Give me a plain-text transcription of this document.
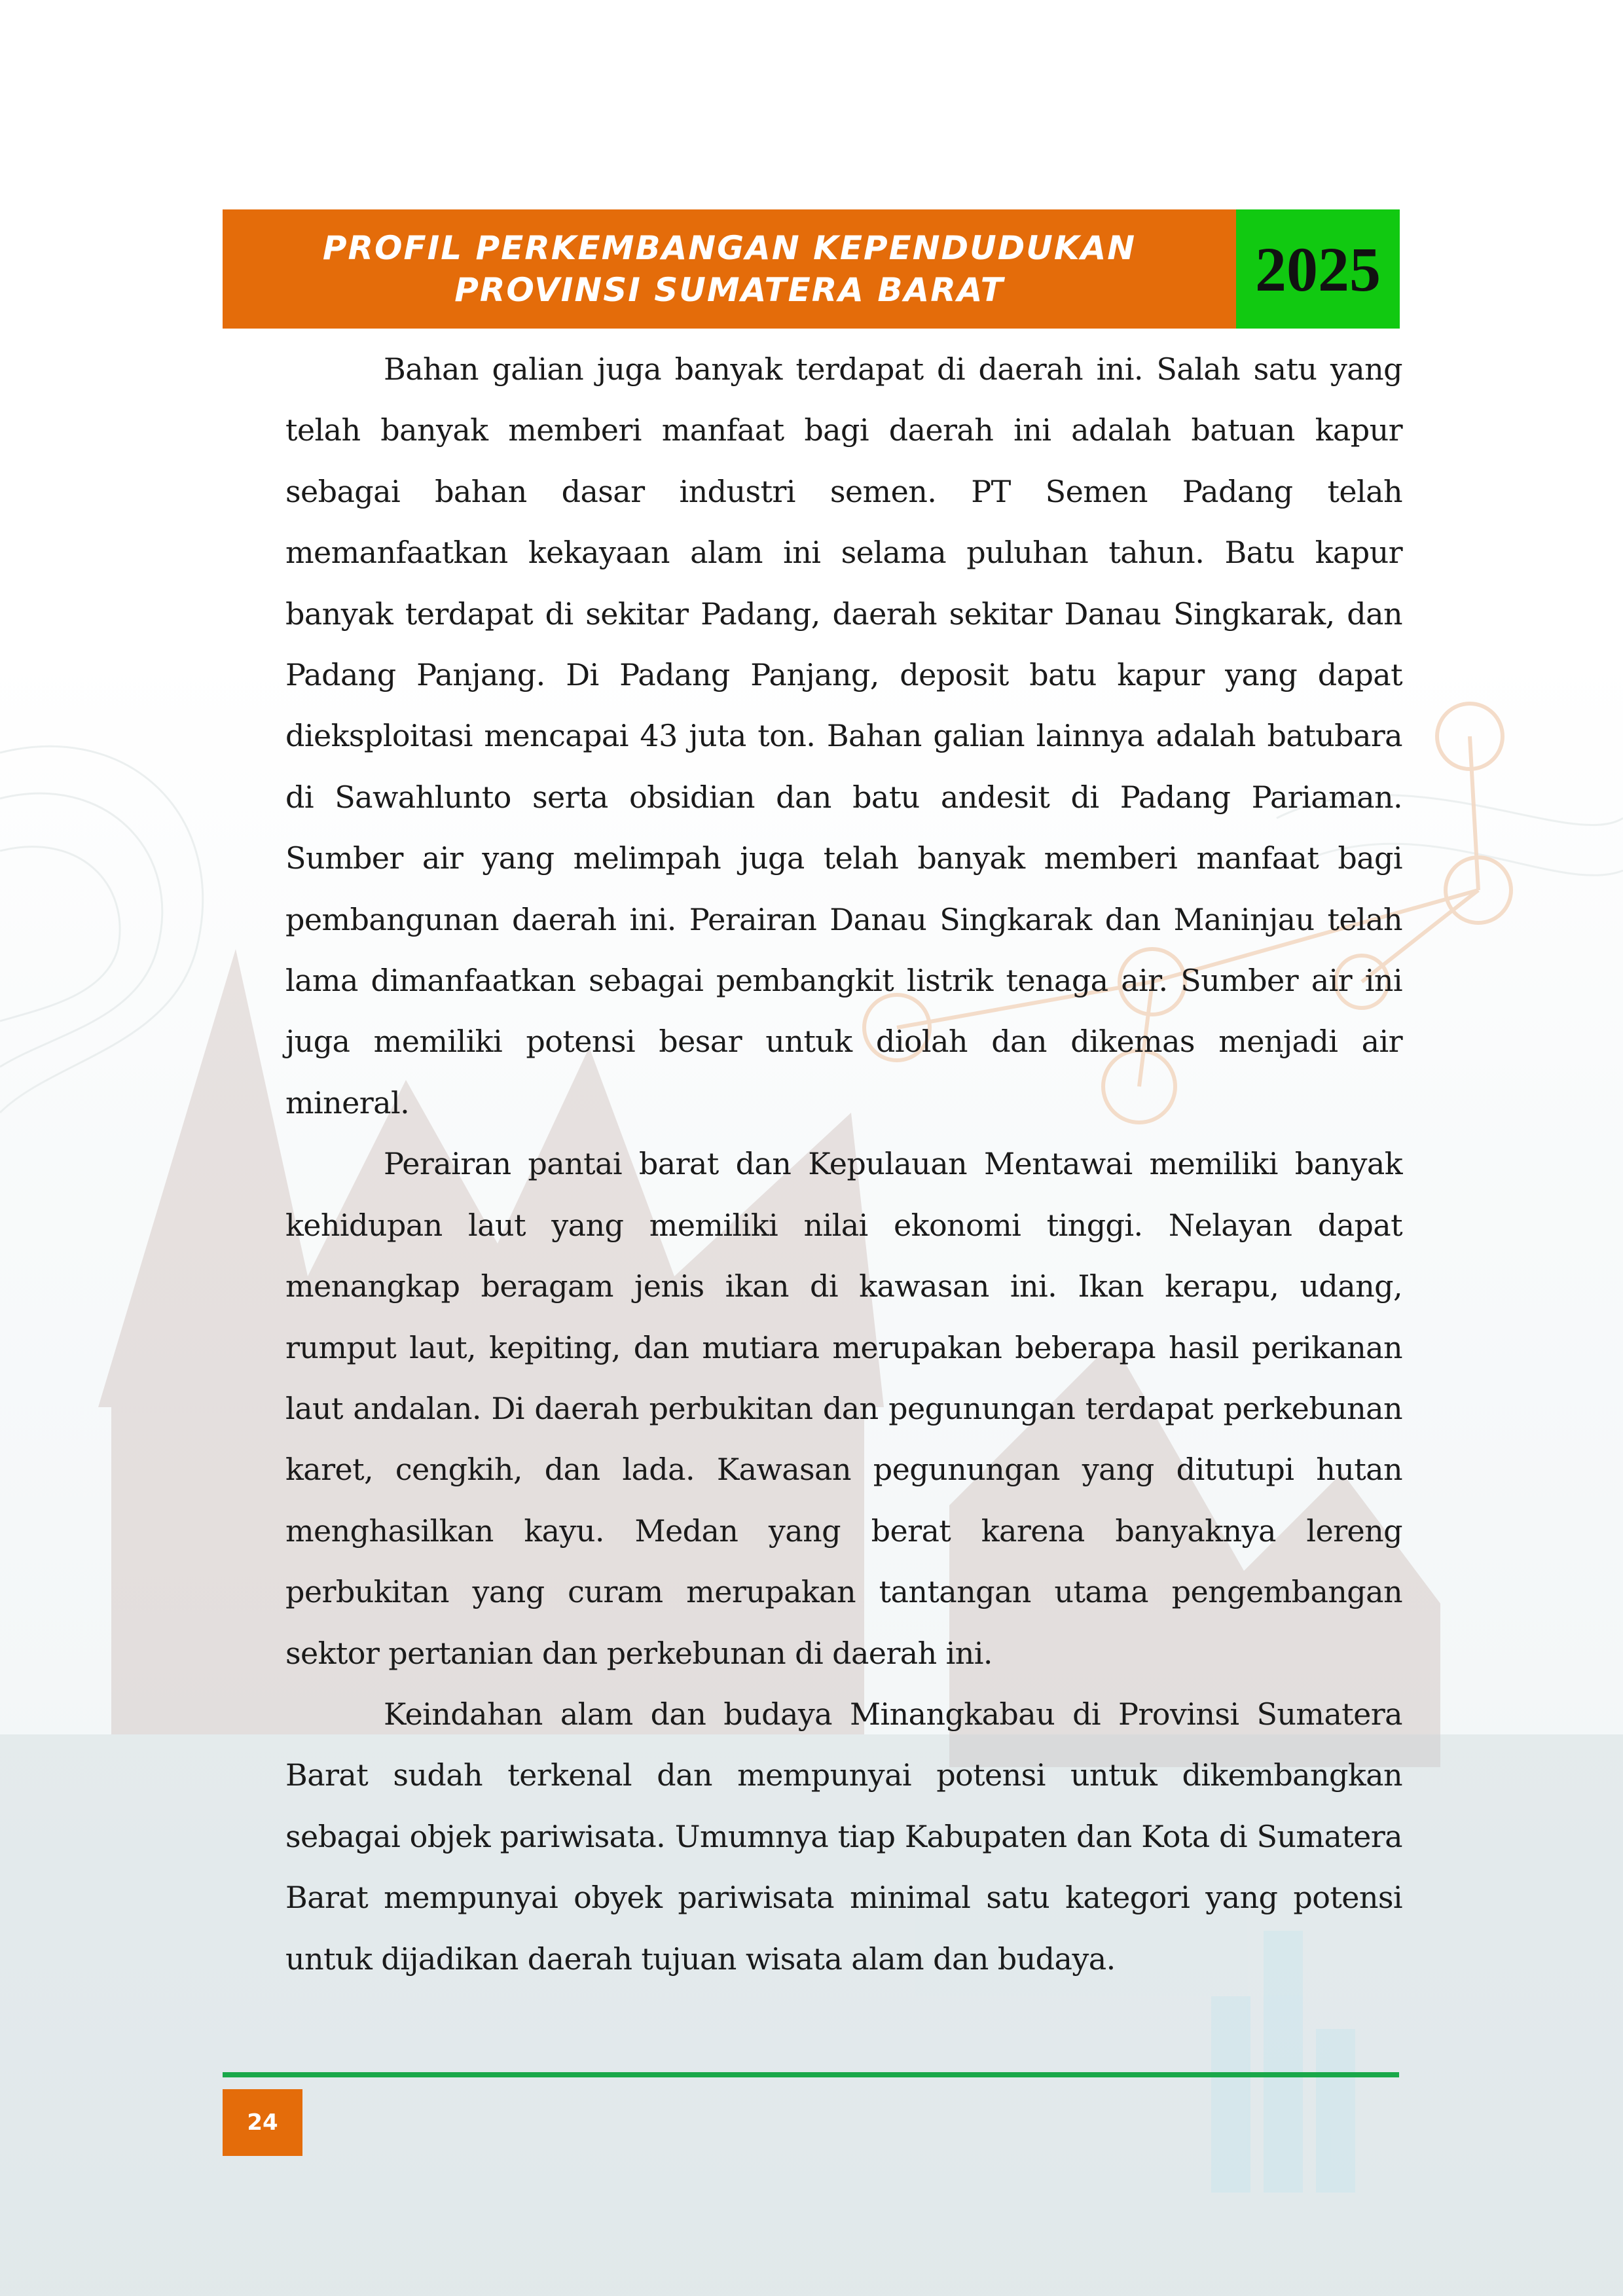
PROFIL PERKEMBANGAN KEPENDUDUKAN
PROVINSI SUMATERA BARAT	2025

Bahan galian juga banyak terdapat di daerah ini. Salah satu yang telah banyak memberi manfaat bagi daerah ini adalah batuan kapur sebagai bahan dasar industri semen. PT Semen Padang telah memanfaatkan kekayaan alam ini selama puluhan tahun. Batu kapur banyak terdapat di sekitar Padang, daerah sekitar Danau Singkarak, dan Padang Panjang. Di Padang Panjang, deposit batu kapur yang dapat dieksploitasi mencapai 43 juta ton. Bahan galian lainnya adalah batubara di Sawahlunto serta obsidian dan batu andesit di Padang Pariaman. Sumber air yang melimpah juga telah banyak memberi manfaat bagi pembangunan daerah ini. Perairan Danau Singkarak dan Maninjau telah lama dimanfaatkan sebagai pembangkit listrik tenaga air. Sumber air ini juga memiliki potensi besar untuk diolah dan dikemas menjadi air mineral.

Perairan pantai barat dan Kepulauan Mentawai memiliki banyak kehidupan laut yang memiliki nilai ekonomi tinggi. Nelayan dapat menangkap beragam jenis ikan di kawasan ini. Ikan kerapu, udang, rumput laut, kepiting, dan mutiara merupakan beberapa hasil perikanan laut andalan. Di daerah perbukitan dan pegunungan terdapat perkebunan karet, cengkih, dan lada. Kawasan pegunungan yang ditutupi hutan menghasilkan kayu. Medan yang berat karena banyaknya lereng perbukitan yang curam merupakan tantangan utama pengembangan sektor pertanian dan perkebunan di daerah ini.

Keindahan alam dan budaya Minangkabau di Provinsi Sumatera Barat sudah terkenal dan mempunyai potensi untuk dikembangkan sebagai objek pariwisata. Umumnya tiap Kabupaten dan Kota di Sumatera Barat mempunyai obyek pariwisata minimal satu kategori yang potensi untuk dijadikan daerah tujuan wisata alam dan budaya.

24
